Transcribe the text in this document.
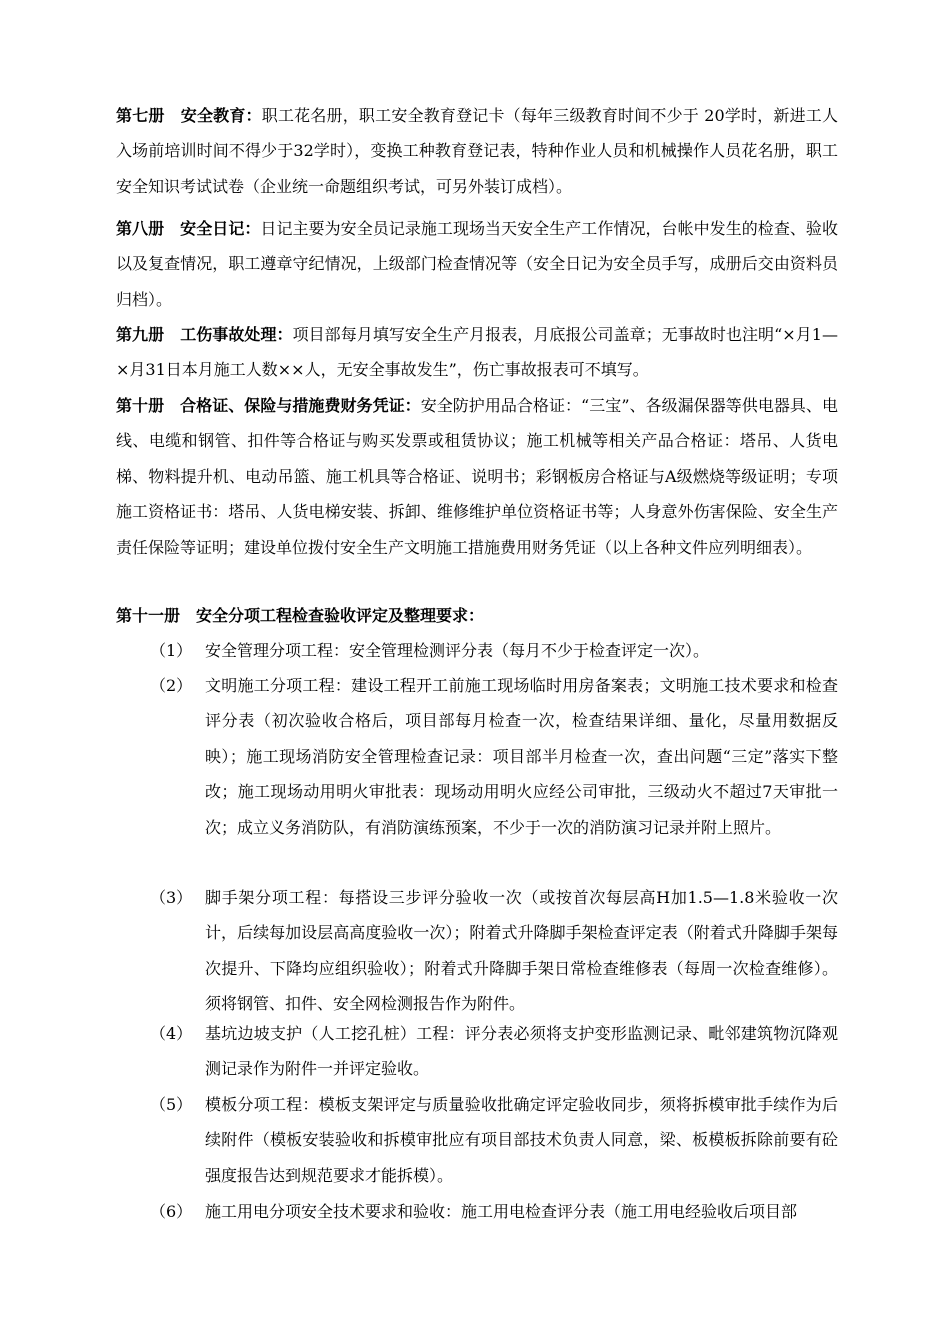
第七册 安全教育：职工花名册，职工安全教育登记卡（每年三级教育时间不少于 20学时，新进工人入场前培训时间不得少于32学时），变换工种教育登记表，特种作业人员和机械操作人员花名册，职工安全知识考试试卷（企业统一命题组织考试，可另外装订成档）。

第八册 安全日记：日记主要为安全员记录施工现场当天安全生产工作情况，台帐中发生的检查、验收以及复查情况，职工遵章守纪情况，上级部门检查情况等（安全日记为安全员手写，成册后交由资料员归档）。

第九册 工伤事故处理：项目部每月填写安全生产月报表，月底报公司盖章；无事故时也注明“×月1—×月31日本月施工人数××人，无安全事故发生”，伤亡事故报表可不填写。

第十册 合格证、保险与措施费财务凭证：安全防护用品合格证：“三宝”、各级漏保器等供电器具、电线、电缆和钢管、扣件等合格证与购买发票或租赁协议；施工机械等相关产品合格证：塔吊、人货电梯、物料提升机、电动吊篮、施工机具等合格证、说明书；彩钢板房合格证与A级燃烧等级证明；专项施工资格证书：塔吊、人货电梯安装、拆卸、维修维护单位资格证书等；人身意外伤害保险、安全生产责任保险等证明；建设单位拨付安全生产文明施工措施费用财务凭证（以上各种文件应列明细表）。

第十一册 安全分项工程检查验收评定及整理要求：

（1） 安全管理分项工程：安全管理检测评分表（每月不少于检查评定一次）。

（2） 文明施工分项工程：建设工程开工前施工现场临时用房备案表；文明施工技术要求和检查评分表（初次验收合格后，项目部每月检查一次，检查结果详细、量化，尽量用数据反映）；施工现场消防安全管理检查记录：项目部半月检查一次，查出问题“三定”落实下整改；施工现场动用明火审批表：现场动用明火应经公司审批，三级动火不超过7天审批一次；成立义务消防队，有消防演练预案，不少于一次的消防演习记录并附上照片。

（3） 脚手架分项工程：每搭设三步评分验收一次（或按首次每层高H加1.5—1.8米验收一次计，后续每加设层高高度验收一次）；附着式升降脚手架检查评定表（附着式升降脚手架每次提升、下降均应组织验收）；附着式升降脚手架日常检查维修表（每周一次检查维修）。须将钢管、扣件、安全网检测报告作为附件。

（4） 基坑边坡支护（人工挖孔桩）工程：评分表必须将支护变形监测记录、毗邻建筑物沉降观测记录作为附件一并评定验收。

（5） 模板分项工程：模板支架评定与质量验收批确定评定验收同步，须将拆模审批手续作为后续附件（模板安装验收和拆模审批应有项目部技术负责人同意，梁、板模板拆除前要有砼强度报告达到规范要求才能拆模）。

（6） 施工用电分项安全技术要求和验收：施工用电检查评分表（施工用电经验收后项目部
